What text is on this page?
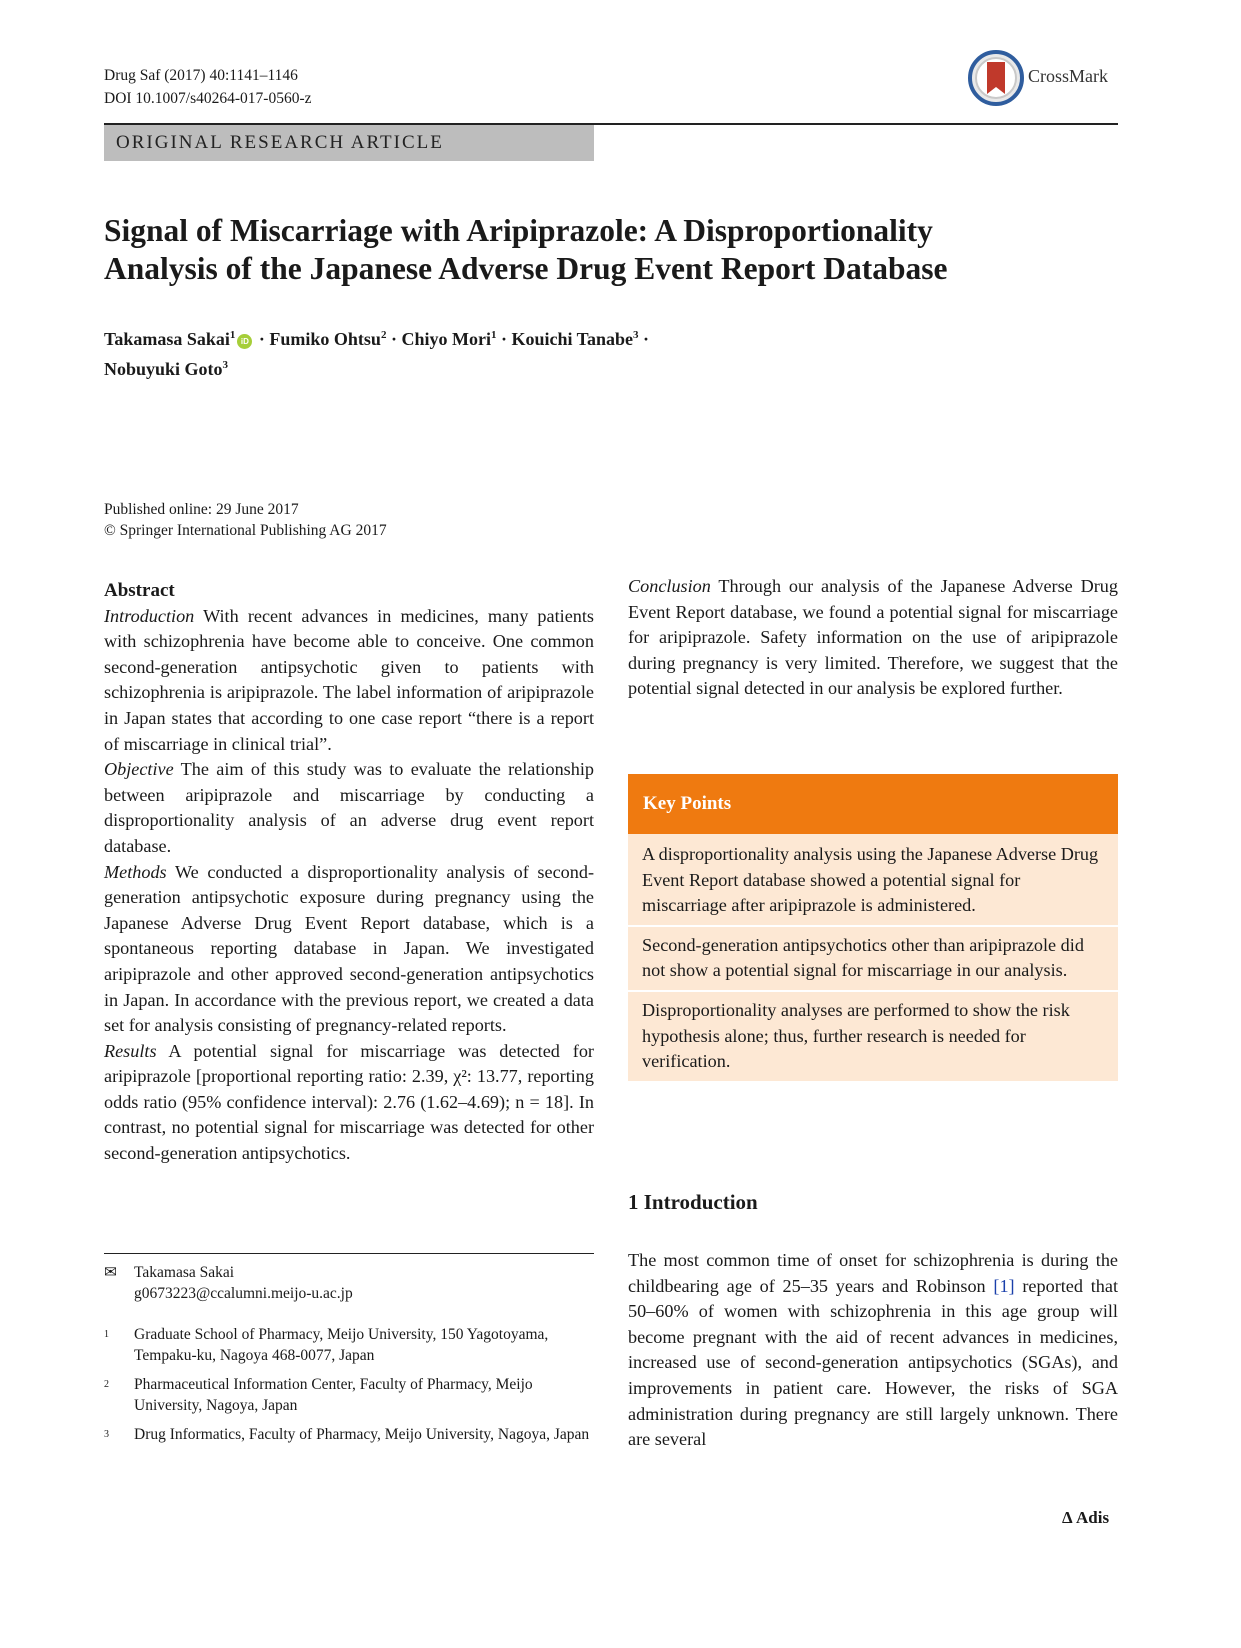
Drug Saf (2017) 40:1141–1146
DOI 10.1007/s40264-017-0560-z
CrossMark
ORIGINAL RESEARCH ARTICLE
Signal of Miscarriage with Aripiprazole: A Disproportionality
Analysis of the Japanese Adverse Drug Event Report Database
Takamasa Sakai$^1$iD · Fumiko Ohtsu$^2$ · Chiyo Mori$^1$ · Kouichi Tanabe$^3$ ·
Nobuyuki Goto$^3$
Published online: 29 June 2017
© Springer International Publishing AG 2017
Abstract
Introduction With recent advances in medicines, many patients with schizophrenia have become able to conceive. One common second-generation antipsychotic given to patients with schizophrenia is aripiprazole. The label information of aripiprazole in Japan states that according to one case report “there is a report of miscarriage in clinical trial”.
Objective The aim of this study was to evaluate the relationship between aripiprazole and miscarriage by conducting a disproportionality analysis of an adverse drug event report database.
Methods We conducted a disproportionality analysis of second-generation antipsychotic exposure during pregnancy using the Japanese Adverse Drug Event Report database, which is a spontaneous reporting database in Japan. We investigated aripiprazole and other approved second-generation antipsychotics in Japan. In accordance with the previous report, we created a data set for analysis consisting of pregnancy-related reports.
Results A potential signal for miscarriage was detected for aripiprazole [proportional reporting ratio: 2.39, χ²: 13.77, reporting odds ratio (95% confidence interval): 2.76 (1.62–4.69); n = 18]. In contrast, no potential signal for miscarriage was detected for other second-generation antipsychotics.
✉	Takamasa Sakai
g0673223@ccalumni.meijo-u.ac.jp
$^1$	Graduate School of Pharmacy, Meijo University, 150 Yagotoyama, Tempaku-ku, Nagoya 468-0077, Japan
$^2$	Pharmaceutical Information Center, Faculty of Pharmacy, Meijo University, Nagoya, Japan
$^3$	Drug Informatics, Faculty of Pharmacy, Meijo University, Nagoya, Japan
Conclusion Through our analysis of the Japanese Adverse Drug Event Report database, we found a potential signal for miscarriage for aripiprazole. Safety information on the use of aripiprazole during pregnancy is very limited. Therefore, we suggest that the potential signal detected in our analysis be explored further.
Key Points
A disproportionality analysis using the Japanese Adverse Drug Event Report database showed a potential signal for miscarriage after aripiprazole is administered.
Second-generation antipsychotics other than aripiprazole did not show a potential signal for miscarriage in our analysis.
Disproportionality analyses are performed to show the risk hypothesis alone; thus, further research is needed for verification.
1 Introduction
The most common time of onset for schizophrenia is during the childbearing age of 25–35 years and Robinson [1] reported that 50–60% of women with schizophrenia in this age group will become pregnant with the aid of recent advances in medicines, increased use of second-generation antipsychotics (SGAs), and improvements in patient care. However, the risks of SGA administration during pregnancy are still largely unknown. There are several
Δ Adis
